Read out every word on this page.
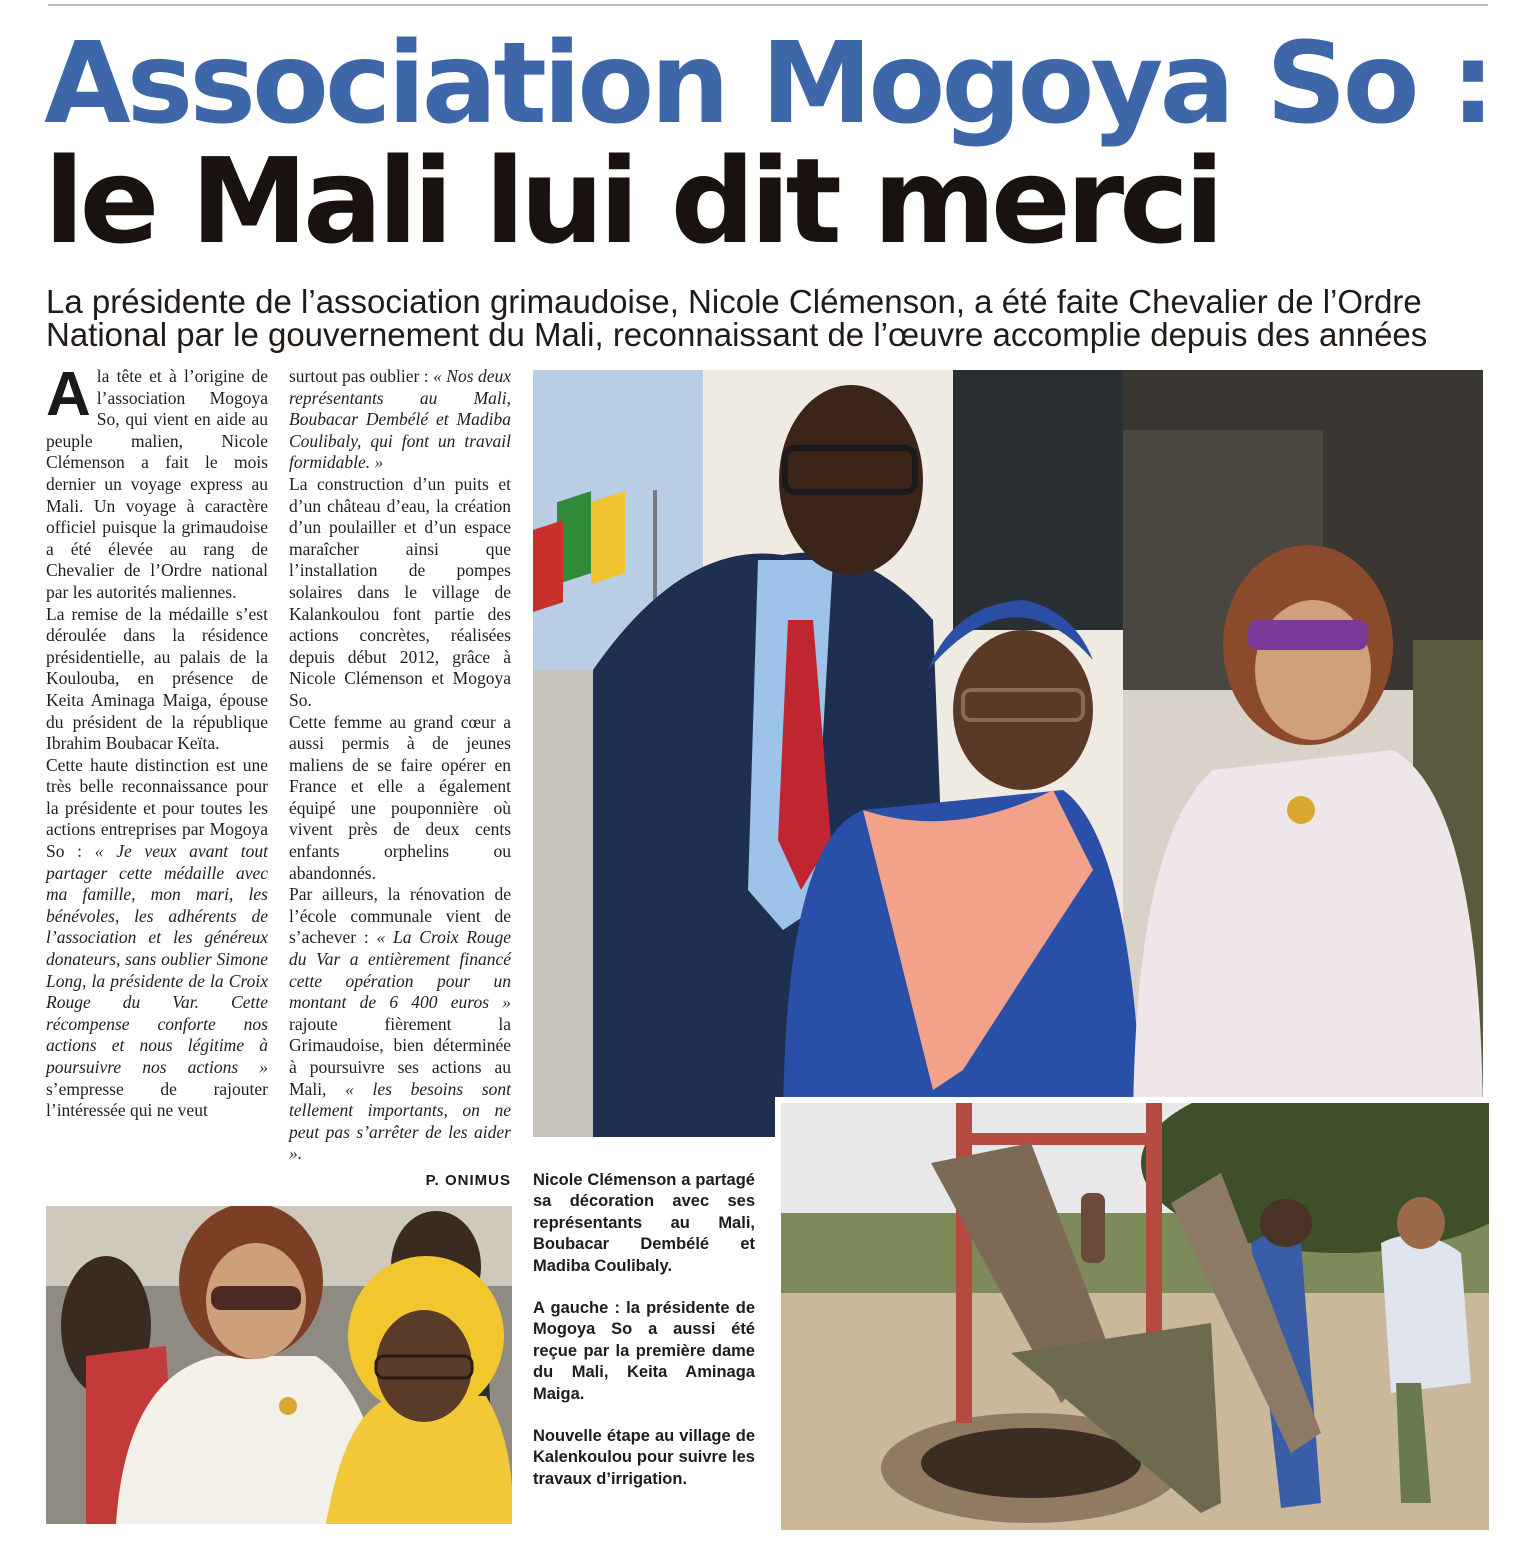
Association Mogoya So :
le Mali lui dit merci

La présidente de l’association grimaudoise, Nicole Clémenson, a été faite Chevalier de l’Ordre National par le gouvernement du Mali, reconnaissant de l’œuvre accomplie depuis des années

A la tête et à l’origine de l’association Mogoya So, qui vient en aide au peuple malien, Nicole Clémenson a fait le mois dernier un voyage express au Mali. Un voyage à caractère officiel puisque la grimaudoise a été élevée au rang de Chevalier de l’Ordre national par les autorités maliennes.

La remise de la médaille s’est déroulée dans la résidence présidentielle, au palais de la Koulouba, en présence de Keita Aminaga Maiga, épouse du président de la république Ibrahim Boubacar Keïta.

Cette haute distinction est une très belle reconnaissance pour la présidente et pour toutes les actions entreprises par Mogoya So : « Je veux avant tout partager cette médaille avec ma famille, mon mari, les bénévoles, les adhérents de l’association et les généreux donateurs, sans oublier Simone Long, la présidente de la Croix Rouge du Var. Cette récompense conforte nos actions et nous légitime à poursuivre nos actions » s’empresse de rajouter l’intéressée qui ne veut

surtout pas oublier : « Nos deux représentants au Mali, Boubacar Dembélé et Madiba Coulibaly, qui font un travail formidable. »

La construction d’un puits et d’un château d’eau, la création d’un poulailler et d’un espace maraîcher ainsi que l’installation de pompes solaires dans le village de Kalankoulou font partie des actions concrètes, réalisées depuis début 2012, grâce à Nicole Clémenson et Mogoya So.

Cette femme au grand cœur a aussi permis à de jeunes maliens de se faire opérer en France et elle a également équipé une pouponnière où vivent près de deux cents enfants orphelins ou abandonnés.

Par ailleurs, la rénovation de l’école communale vient de s’achever : « La Croix Rouge du Var a entièrement financé cette opération pour un montant de 6 400 euros » rajoute fièrement la Grimaudoise, bien déterminée à poursuivre ses actions au Mali, « les besoins sont tellement importants, on ne peut pas s’arrêter de les aider ».

P. ONIMUS Nicole Clémenson a partagé sa décoration avec ses représentants au Mali, Boubacar Dembélé et Madiba Coulibaly.

A gauche : la présidente de Mogoya So a aussi été reçue par la première dame du Mali, Keita Aminaga Maiga.

Nouvelle étape au village de Kalenkoulou pour suivre les travaux d’irrigation.
